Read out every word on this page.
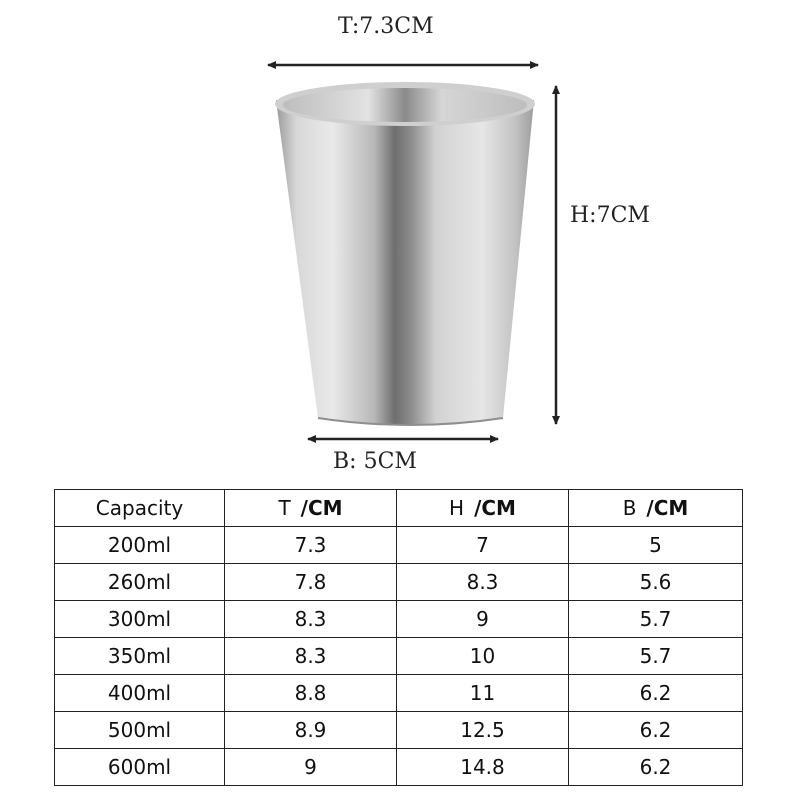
T:7.3CM
H:7CM
B: 5CM
Capacity	T /CM	H /CM	B /CM
200ml	7.3	7	5
260ml	7.8	8.3	5.6
300ml	8.3	9	5.7
350ml	8.3	10	5.7
400ml	8.8	11	6.2
500ml	8.9	12.5	6.2
600ml	9	14.8	6.2
